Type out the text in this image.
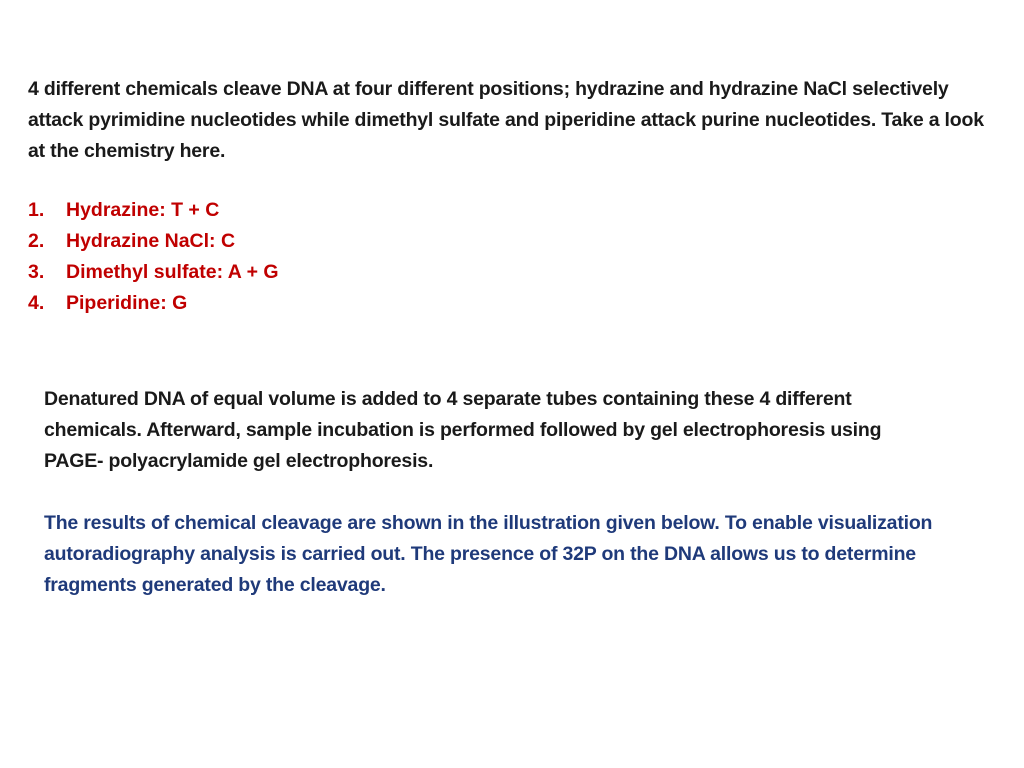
4 different chemicals cleave DNA at four different positions; hydrazine and hydrazine NaCl selectively attack pyrimidine nucleotides while dimethyl sulfate and piperidine attack purine nucleotides. Take a look at the chemistry here.

1.	Hydrazine: T + C
2.	Hydrazine NaCl: C
3.	Dimethyl sulfate: A + G
4.	Piperidine: G

Denatured DNA of equal volume is added to 4 separate tubes containing these 4 different chemicals. Afterward, sample incubation is performed followed by gel electrophoresis using PAGE- polyacrylamide gel electrophoresis.

The results of chemical cleavage are shown in the illustration given below. To enable visualization autoradiography analysis is carried out. The presence of 32P on the DNA allows us to determine fragments generated by the cleavage.
